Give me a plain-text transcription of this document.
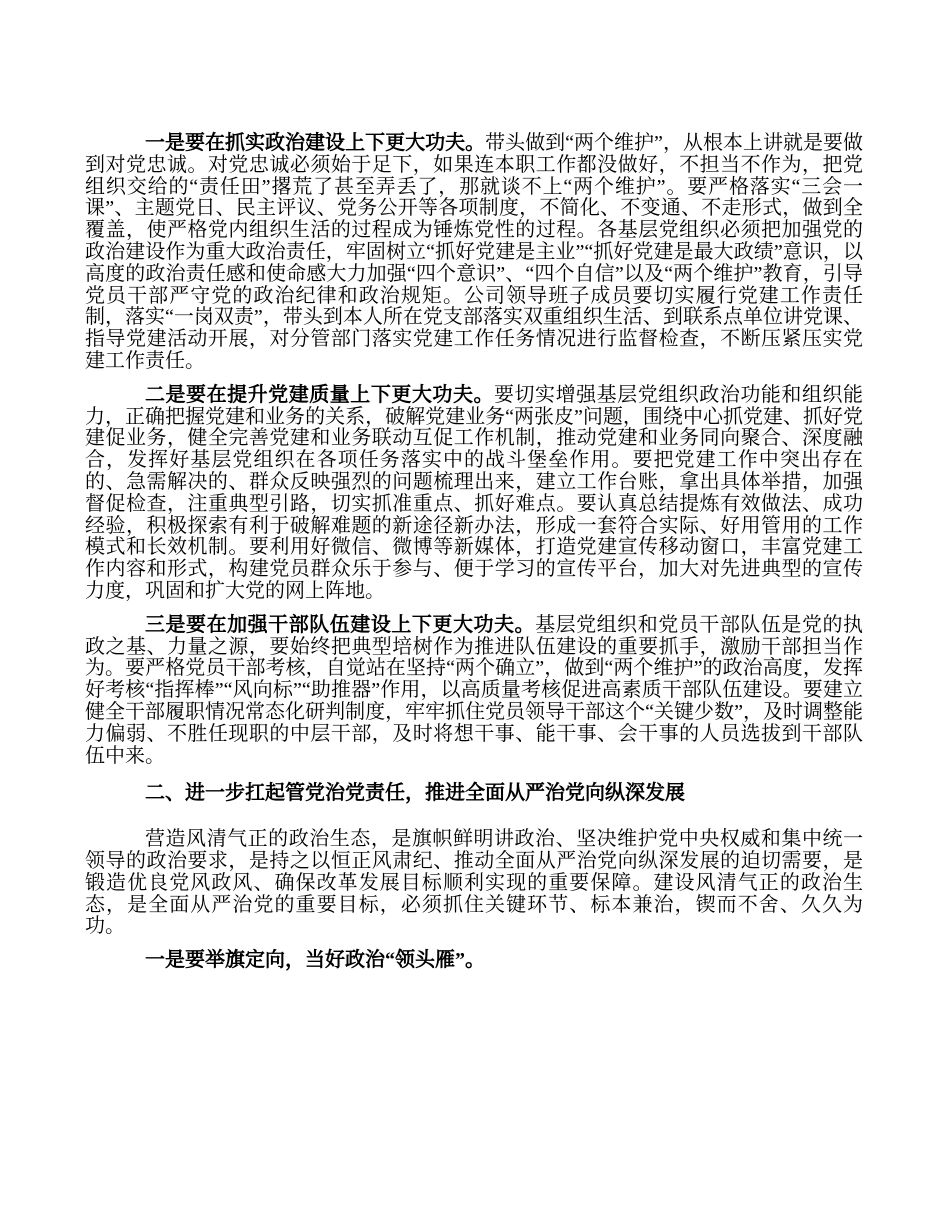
一是要在抓实政治建设上下更大功夫。带头做到“两个维护”，从根本上讲就是要做到对党忠诚。对党忠诚必须始于足下，如果连本职工作都没做好，不担当不作为，把党组织交给的“责任田”撂荒了甚至弄丢了，那就谈不上“两个维护”。要严格落实“三会一课”、主题党日、民主评议、党务公开等各项制度，不简化、不变通、不走形式，做到全覆盖，使严格党内组织生活的过程成为锤炼党性的过程。各基层党组织必须把加强党的政治建设作为重大政治责任，牢固树立“抓好党建是主业”“抓好党建是最大政绩”意识，以高度的政治责任感和使命感大力加强“四个意识”、“四个自信”以及“两个维护”教育，引导党员干部严守党的政治纪律和政治规矩。公司领导班子成员要切实履行党建工作责任制，落实“一岗双责”，带头到本人所在党支部落实双重组织生活、到联系点单位讲党课、指导党建活动开展，对分管部门落实党建工作任务情况进行监督检查，不断压紧压实党建工作责任。

二是要在提升党建质量上下更大功夫。要切实增强基层党组织政治功能和组织能力，正确把握党建和业务的关系，破解党建业务“两张皮”问题，围绕中心抓党建、抓好党建促业务，健全完善党建和业务联动互促工作机制，推动党建和业务同向聚合、深度融合，发挥好基层党组织在各项任务落实中的战斗堡垒作用。要把党建工作中突出存在的、急需解决的、群众反映强烈的问题梳理出来，建立工作台账，拿出具体举措，加强督促检查，注重典型引路，切实抓准重点、抓好难点。要认真总结提炼有效做法、成功经验，积极探索有利于破解难题的新途径新办法，形成一套符合实际、好用管用的工作模式和长效机制。要利用好微信、微博等新媒体，打造党建宣传移动窗口，丰富党建工作内容和形式，构建党员群众乐于参与、便于学习的宣传平台，加大对先进典型的宣传力度，巩固和扩大党的网上阵地。

三是要在加强干部队伍建设上下更大功夫。基层党组织和党员干部队伍是党的执政之基、力量之源，要始终把典型培树作为推进队伍建设的重要抓手，激励干部担当作为。要严格党员干部考核，自觉站在坚持“两个确立”，做到“两个维护”的政治高度，发挥好考核“指挥棒”“风向标”“助推器”作用，以高质量考核促进高素质干部队伍建设。要建立健全干部履职情况常态化研判制度，牢牢抓住党员领导干部这个“关键少数”，及时调整能力偏弱、不胜任现职的中层干部，及时将想干事、能干事、会干事的人员选拔到干部队伍中来。

二、进一步扛起管党治党责任，推进全面从严治党向纵深发展

营造风清气正的政治生态，是旗帜鲜明讲政治、坚决维护党中央权威和集中统一领导的政治要求，是持之以恒正风肃纪、推动全面从严治党向纵深发展的迫切需要，是锻造优良党风政风、确保改革发展目标顺利实现的重要保障。建设风清气正的政治生态，是全面从严治党的重要目标，必须抓住关键环节、标本兼治，锲而不舍、久久为功。

一是要举旗定向，当好政治“领头雁”。
